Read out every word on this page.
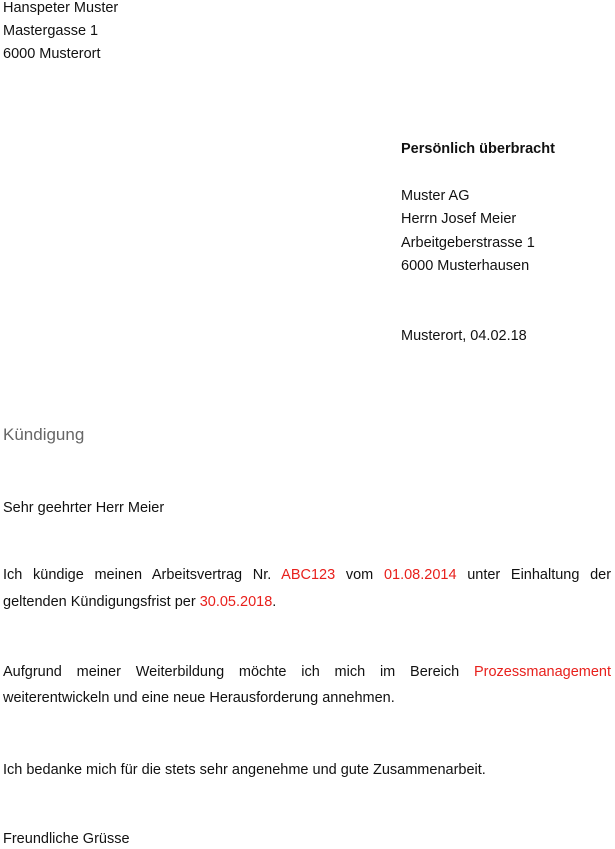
Hanspeter Muster
Mastergasse 1
6000 Musterort
Persönlich überbracht
Muster AG
Herrn Josef Meier
Arbeitgeberstrasse 1
6000 Musterhausen
Musterort, 04.02.18
Kündigung
Sehr geehrter Herr Meier
Ich kündige meinen Arbeitsvertrag Nr. ABC123 vom 01.08.2014 unter Einhaltung der
geltenden Kündigungsfrist per 30.05.2018.
Aufgrund meiner Weiterbildung möchte ich mich im Bereich Prozessmanagement
weiterentwickeln und eine neue Herausforderung annehmen.
Ich bedanke mich für die stets sehr angenehme und gute Zusammenarbeit.
Freundliche Grüsse
